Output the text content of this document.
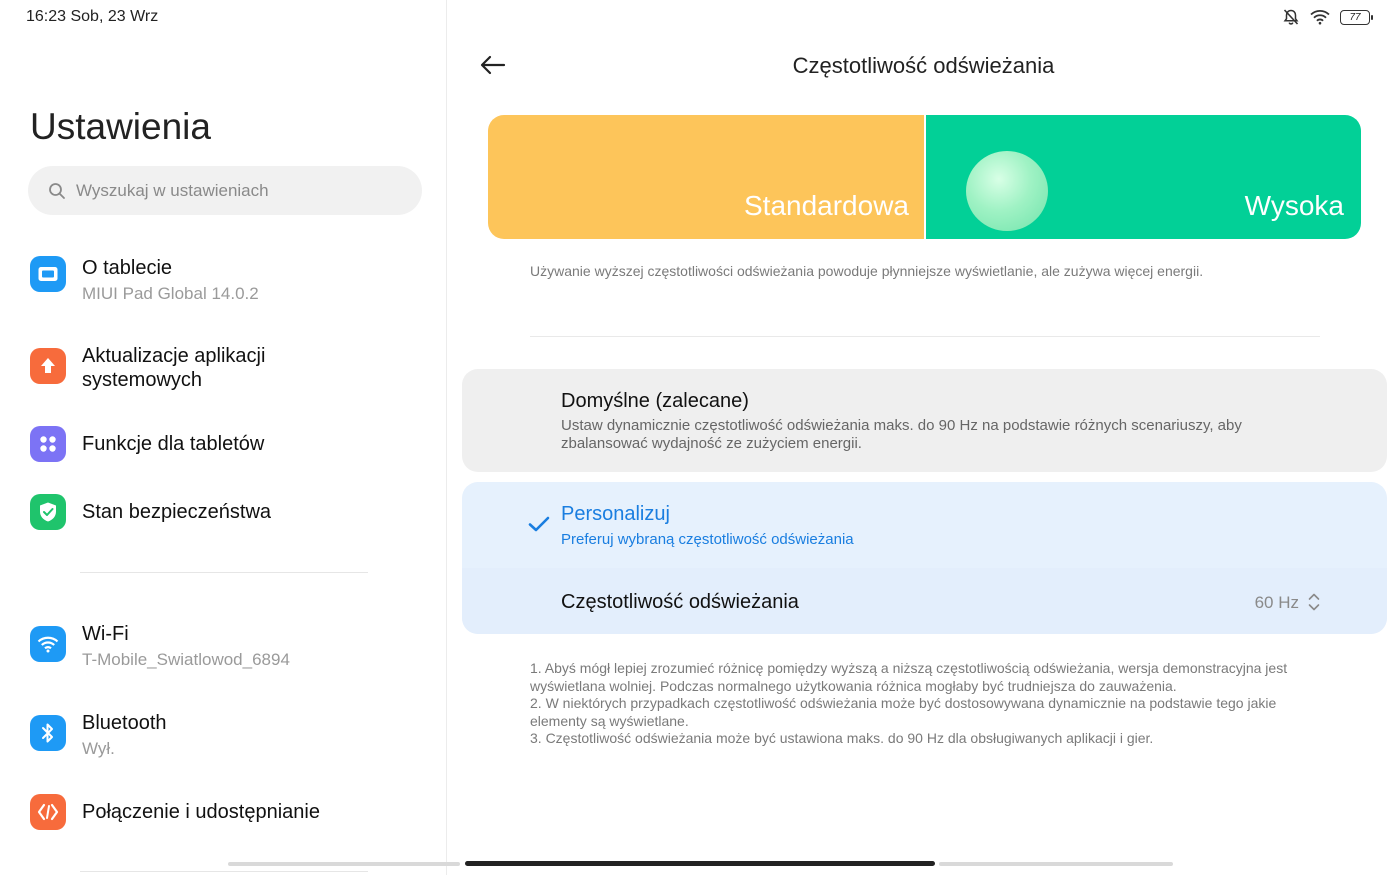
16:23 Sob, 23 Wrz	77
Ustawienia
Wyszukaj w ustawieniach
O tablecie
MIUI Pad Global 14.0.2
Aktualizacje aplikacji
systemowych
Funkcje dla tabletów
Stan bezpieczeństwa
Wi-Fi
T-Mobile_Swiatlowod_6894
Bluetooth
Wył.
Połączenie i udostępnianie
Częstotliwość odświeżania
Standardowa	Wysoka
Używanie wyższej częstotliwości odświeżania powoduje płynniejsze wyświetlanie, ale zużywa więcej energii.
Domyślne (zalecane)
Ustaw dynamicznie częstotliwość odświeżania maks. do 90 Hz na podstawie różnych scenariuszy, aby zbalansować wydajność ze zużyciem energii.
Personalizuj
Preferuj wybraną częstotliwość odświeżania
Częstotliwość odświeżania	60 Hz
1. Abyś mógł lepiej zrozumieć różnicę pomiędzy wyższą a niższą częstotliwością odświeżania, wersja demonstracyjna jest wyświetlana wolniej. Podczas normalnego użytkowania różnica mogłaby być trudniejsza do zauważenia.
2. W niektórych przypadkach częstotliwość odświeżania może być dostosowywana dynamicznie na podstawie tego jakie elementy są wyświetlane.
3. Częstotliwość odświeżania może być ustawiona maks. do 90 Hz dla obsługiwanych aplikacji i gier.
